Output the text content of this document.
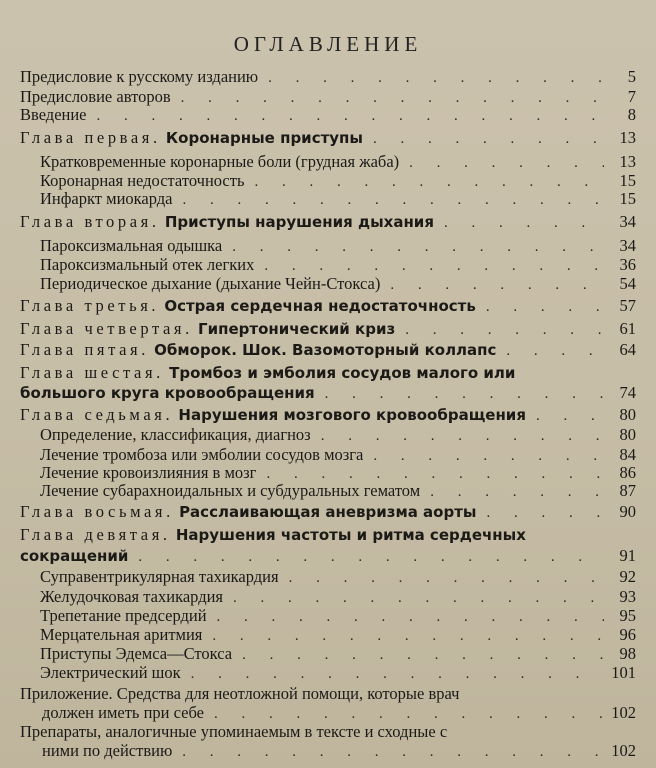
ОГЛАВЛЕНИЕ
Предисловие к русскому изданию . . .	5
Предисловие авторов . . .	7
Введение . . .	8
Глава первая. Коронарные приступы . . .	13
Кратковременные коронарные боли (грудная жаба) . . .	13
Коронарная недостаточность . . .	15
Инфаркт миокарда . . .	15
Глава вторая. Приступы нарушения дыхания . . .	34
Пароксизмальная одышка . . .	34
Пароксизмальный отек легких . . .	36
Периодическое дыхание (дыхание Чейн-Стокса) . . .	54
Глава третья. Острая сердечная недостаточность . . .	57
Глава четвертая. Гипертонический криз . . .	61
Глава пятая. Обморок. Шок. Вазомоторный коллапс . . .	64
Глава шестая. Тромбоз и эмболия сосудов малого или
большого круга кровообращения . . .	74
Глава седьмая. Нарушения мозгового кровообращения . . .	80
Определение, классификация, диагноз . . .	80
Лечение тромбоза или эмболии сосудов мозга . . .	84
Лечение кровоизлияния в мозг . . .	86
Лечение субарахноидальных и субдуральных гематом . . .	87
Глава восьмая. Расслаивающая аневризма аорты . . .	90
Глава девятая. Нарушения частоты и ритма сердечных
сокращений . . .	91
Суправентрикулярная тахикардия . . .	92
Желудочковая тахикардия . . .	93
Трепетание предсердий . . .	95
Мерцательная аритмия . . .	96
Приступы Эдемса—Стокса . . .	98
Электрический шок . . .	101
Приложение. Средства для неотложной помощи, которые врач
должен иметь при себе . . .	102
Препараты, аналогичные упоминаемым в тексте и сходные с
ними по действию . . .	102
